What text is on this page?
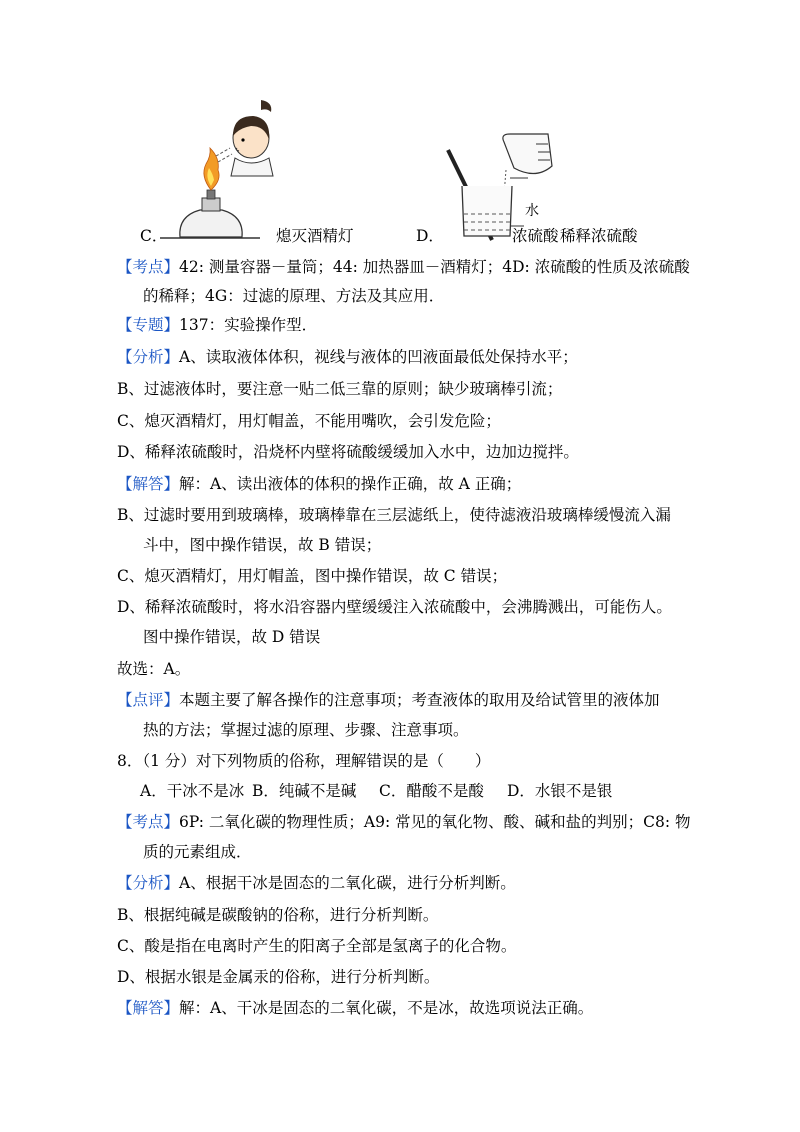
C．	熄灭酒精灯	D．
水
浓硫酸 稀释浓硫酸
【考点】42: 测量容器－量筒；44: 加热器皿－酒精灯；4D: 浓硫酸的性质及浓硫酸
的稀释；4G：过滤的原理、方法及其应用．
【专题】137：实验操作型．
【分析】A、读取液体体积，视线与液体的凹液面最低处保持水平；
B、过滤液体时，要注意一贴二低三靠的原则；缺少玻璃棒引流；
C、熄灭酒精灯，用灯帽盖，不能用嘴吹，会引发危险；
D、稀释浓硫酸时，沿烧杯内壁将硫酸缓缓加入水中，边加边搅拌。
【解答】解：A、读出液体的体积的操作正确，故 A 正确；
B、过滤时要用到玻璃棒，玻璃棒靠在三层滤纸上，使待滤液沿玻璃棒缓慢流入漏
斗中，图中操作错误，故 B 错误；
C、熄灭酒精灯，用灯帽盖，图中操作错误，故 C 错误；
D、稀释浓硫酸时，将水沿容器内壁缓缓注入浓硫酸中，会沸腾溅出，可能伤人。
图中操作错误，故 D 错误
故选：A。
【点评】本题主要了解各操作的注意事项；考查液体的取用及给试管里的液体加
热的方法；掌握过滤的原理、步骤、注意事项。
8．（1 分）对下列物质的俗称，理解错误的是（　　）
A．干冰不是冰 B．纯碱不是碱 C．醋酸不是酸 D．水银不是银
【考点】6P: 二氧化碳的物理性质；A9: 常见的氧化物、酸、碱和盐的判别；C8: 物
质的元素组成．
【分析】A、根据干冰是固态的二氧化碳，进行分析判断。
B、根据纯碱是碳酸钠的俗称，进行分析判断。
C、酸是指在电离时产生的阳离子全部是氢离子的化合物。
D、根据水银是金属汞的俗称，进行分析判断。
【解答】解：A、干冰是固态的二氧化碳，不是冰，故选项说法正确。
